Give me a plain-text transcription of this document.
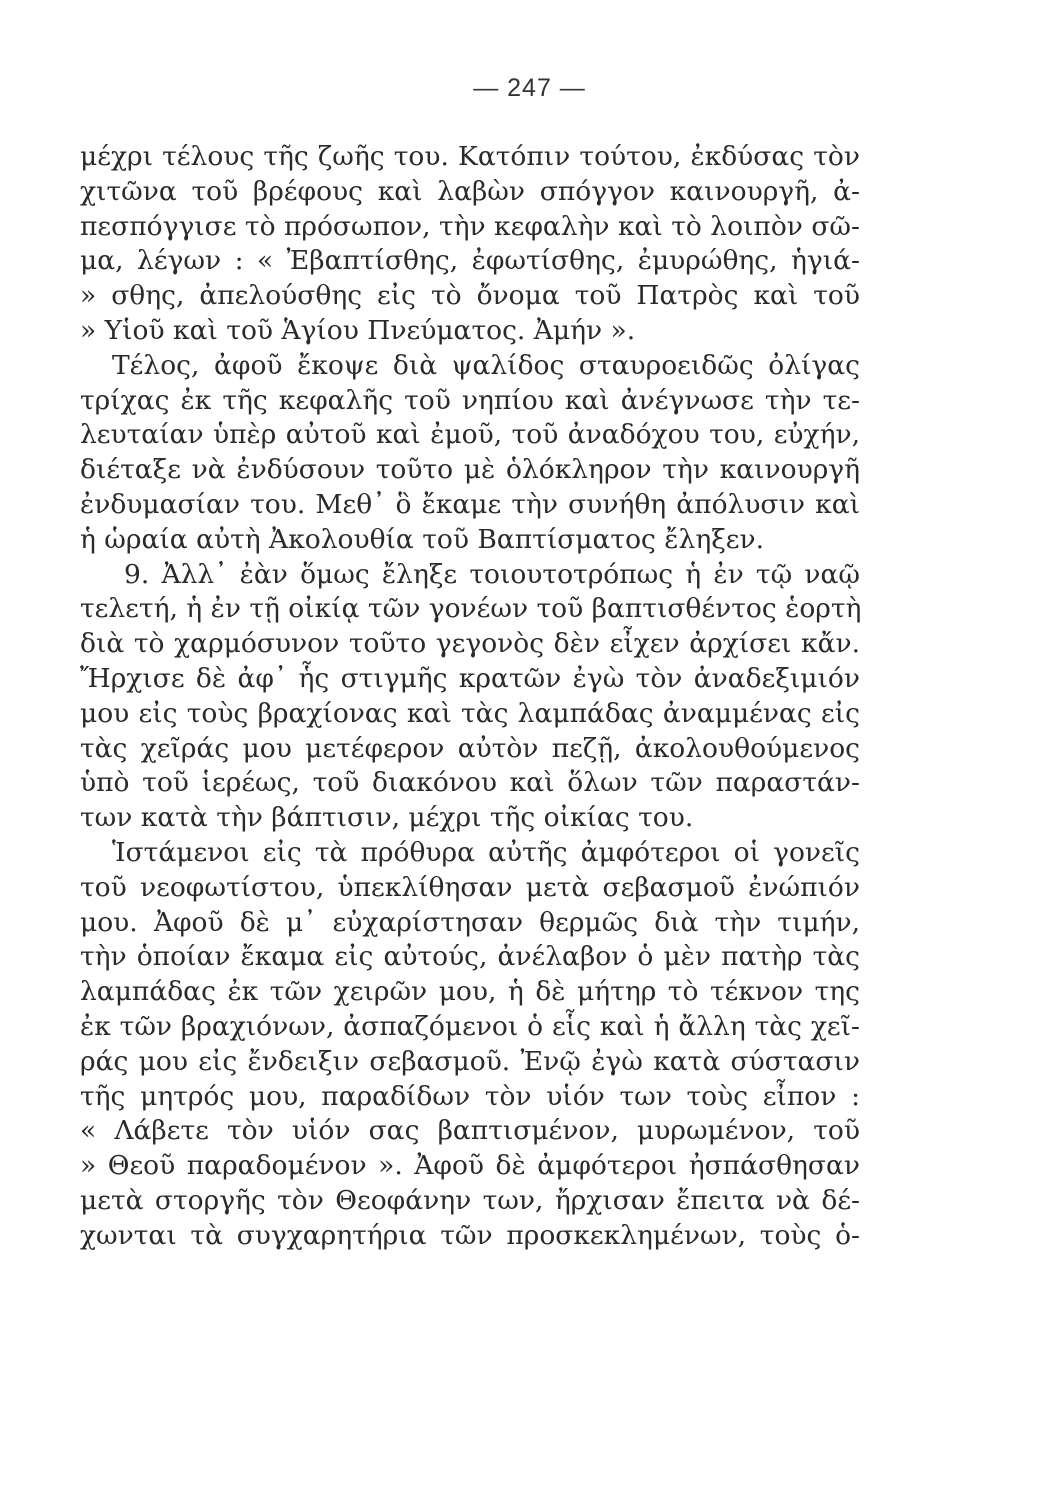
— 247 —
μέχρι τέλους τῆς ζωῆς του. Κατόπιν τούτου, ἐκδύσας τὸν
χιτῶνα τοῦ βρέφους καὶ λαβὼν σπόγγον καινουργῆ, ἀ-
πεσπόγγισε τὸ πρόσωπον, τὴν κεφαλὴν καὶ τὸ λοιπὸν σῶ-
μα, λέγων : « Ἐβαπτίσθης, ἐφωτίσθης, ἐμυρώθης, ἡγιά-
» σθης, ἀπελούσθης εἰς τὸ ὄνομα τοῦ Πατρὸς καὶ τοῦ
» Υἱοῦ καὶ τοῦ Ἁγίου Πνεύματος. Ἀμήν ».
Τέλος, ἀφοῦ ἔκοψε διὰ ψαλίδος σταυροειδῶς ὀλίγας
τρίχας ἐκ τῆς κεφαλῆς τοῦ νηπίου καὶ ἀνέγνωσε τὴν τε-
λευταίαν ὑπὲρ αὐτοῦ καὶ ἐμοῦ, τοῦ ἀναδόχου του, εὐχήν,
διέταξε νὰ ἐνδύσουν τοῦτο μὲ ὁλόκληρον τὴν καινουργῆ
ἐνδυμασίαν του. Μεθ᾽ ὃ ἔκαμε τὴν συνήθη ἀπόλυσιν καὶ
ἡ ὡραία αὐτὴ Ἀκολουθία τοῦ Βαπτίσματος ἔληξεν.
9. Ἀλλ᾽ ἐὰν ὅμως ἔληξε τοιουτοτρόπως ἡ ἐν τῷ ναῷ
τελετή, ἡ ἐν τῇ οἰκίᾳ τῶν γονέων τοῦ βαπτισθέντος ἑορτὴ
διὰ τὸ χαρμόσυνον τοῦτο γεγονὸς δὲν εἶχεν ἀρχίσει κἄν.
Ἤρχισε δὲ ἀφ᾽ ἧς στιγμῆς κρατῶν ἐγὼ τὸν ἀναδεξιμιόν
μου εἰς τοὺς βραχίονας καὶ τὰς λαμπάδας ἀναμμένας εἰς
τὰς χεῖράς μου μετέφερον αὐτὸν πεζῇ, ἀκολουθούμενος
ὑπὸ τοῦ ἱερέως, τοῦ διακόνου καὶ ὅλων τῶν παραστάν-
των κατὰ τὴν βάπτισιν, μέχρι τῆς οἰκίας του.
Ἱστάμενοι εἰς τὰ πρόθυρα αὐτῆς ἀμφότεροι οἱ γονεῖς
τοῦ νεοφωτίστου, ὑπεκλίθησαν μετὰ σεβασμοῦ ἐνώπιόν
μου. Ἀφοῦ δὲ μ᾽ εὐχαρίστησαν θερμῶς διὰ τὴν τιμήν,
τὴν ὁποίαν ἔκαμα εἰς αὐτούς, ἀνέλαβον ὁ μὲν πατὴρ τὰς
λαμπάδας ἐκ τῶν χειρῶν μου, ἡ δὲ μήτηρ τὸ τέκνον της
ἐκ τῶν βραχιόνων, ἀσπαζόμενοι ὁ εἷς καὶ ἡ ἄλλη τὰς χεῖ-
ράς μου εἰς ἔνδειξιν σεβασμοῦ. Ἐνῷ ἐγὼ κατὰ σύστασιν
τῆς μητρός μου, παραδίδων τὸν υἱόν των τοὺς εἶπον :
« Λάβετε τὸν υἱόν σας βαπτισμένον, μυρωμένον, τοῦ
» Θεοῦ παραδομένον ». Ἀφοῦ δὲ ἀμφότεροι ἠσπάσθησαν
μετὰ στοργῆς τὸν Θεοφάνην των, ἤρχισαν ἔπειτα νὰ δέ-
χωνται τὰ συγχαρητήρια τῶν προσκεκλημένων, τοὺς ὁ-
